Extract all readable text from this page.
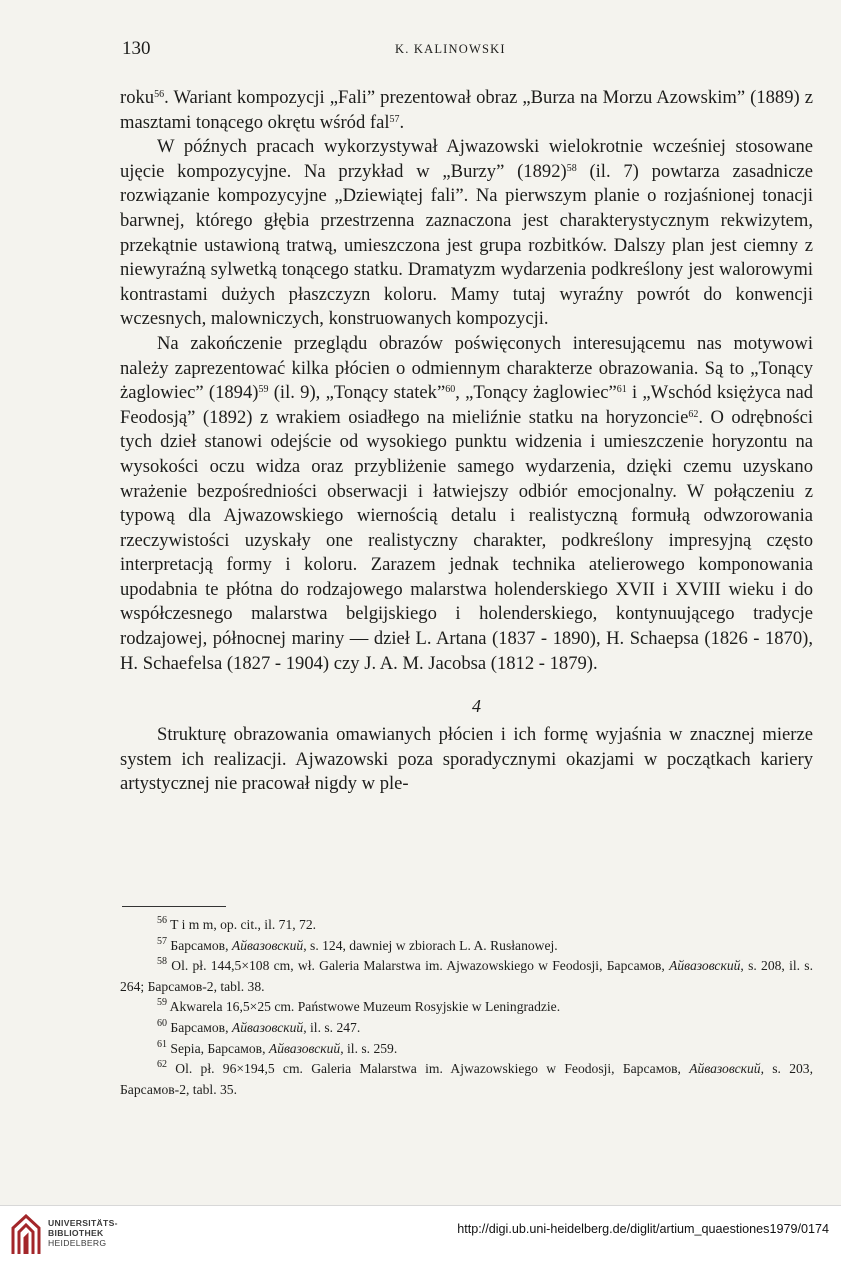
130	K. KALINOWSKI

roku$^{56}$. Wariant kompozycji „Fali” prezentował obraz „Burza na Morzu Azowskim” (1889) z masztami tonącego okrętu wśród fal$^{57}$.

W późnych pracach wykorzystywał Ajwazowski wielokrotnie wcześniej stosowane ujęcie kompozycyjne. Na przykład w „Burzy” $(1892)^{58}$ (il. 7) powtarza zasadnicze rozwiązanie kompozycyjne „Dziewiątej fali”. Na pierwszym planie o rozjaśnionej tonacji barwnej, którego głębia przestrzenna zaznaczona jest charakterystycznym rekwizytem, przekątnie ustawioną tratwą, umieszczona jest grupa rozbitków. Dalszy plan jest ciemny z niewyraźną sylwetką tonącego statku. Dramatyzm wydarzenia podkreślony jest walorowymi kontrastami dużych płaszczyzn koloru. Mamy tutaj wyraźny powrót do konwencji wczesnych, malowniczych, konstruowanych kompozycji.

Na zakończenie przeglądu obrazów poświęconych interesującemu nas motywowi należy zaprezentować kilka płócien o odmiennym charakterze obrazowania. Są to „Tonący żaglowiec” $(1894)^{59}$ (il. 9), „Tonący statek”$^{60}$, „Tonący żaglowiec”$^{61}$ i „Wschód księżyca nad Feodosją” (1892) z wrakiem osiadłego na mieliźnie statku na horyzoncie$^{62}$. O odrębności tych dzieł stanowi odejście od wysokiego punktu widzenia i umieszczenie horyzontu na wysokości oczu widza oraz przybliżenie samego wydarzenia, dzięki czemu uzyskano wrażenie bezpośredniości obserwacji i łatwiejszy odbiór emocjonalny. W połączeniu z typową dla Ajwazowskiego wiernością detalu i realistyczną formułą odwzorowania rzeczywistości uzyskały one realistyczny charakter, podkreślony impresyjną często interpretacją formy i koloru. Zarazem jednak technika atelierowego komponowania upodabnia te płótna do rodzajowego malarstwa holenderskiego XVII i XVIII wieku i do współczesnego malarstwa belgijskiego i holenderskiego, kontynuującego tradycje rodzajowej, północnej mariny — dzieł L. Artana (1837 - 1890), H. Schaepsa (1826 - 1870), H. Schaefelsa (1827 - 1904) czy J. A. M. Jacobsa (1812 - 1879).

4

Strukturę obrazowania omawianych płócien i ich formę wyjaśnia w znacznej mierze system ich realizacji. Ajwazowski poza sporadycznymi okazjami w początkach kariery artystycznej nie pracował nigdy w ple-

$^{56}$ T i m m, op. cit., il. 71, 72.

$^{57}$ Барсамов, Айвазовский, s. 124, dawniej w zbiorach L. A. Rusłanowej.

$^{58}$ Ol. pł. 144,5×108 cm, wł. Galeria Malarstwa im. Ajwazowskiego w Feodosji, Барсамов, Айвазовский, s. 208, il. s. 264; Барсамов-2, tabl. 38.

$^{59}$ Akwarela 16,5×25 cm. Państwowe Muzeum Rosyjskie w Leningradzie.

$^{60}$ Барсамов, Айвазовский, il. s. 247.

$^{61}$ Sepia, Барсамов, Айвазовский, il. s. 259.

$^{62}$ Ol. pł. 96×194,5 cm. Galeria Malarstwa im. Ajwazowskiego w Feodosji, Барсамов, Айвазовский, s. 203, Барсамов-2, tabl. 35.

UNIVERSITÄTS-
BIBLIOTHEK
HEIDELBERG
http://digi.ub.uni-heidelberg.de/diglit/artium_quaestiones1979/0174
